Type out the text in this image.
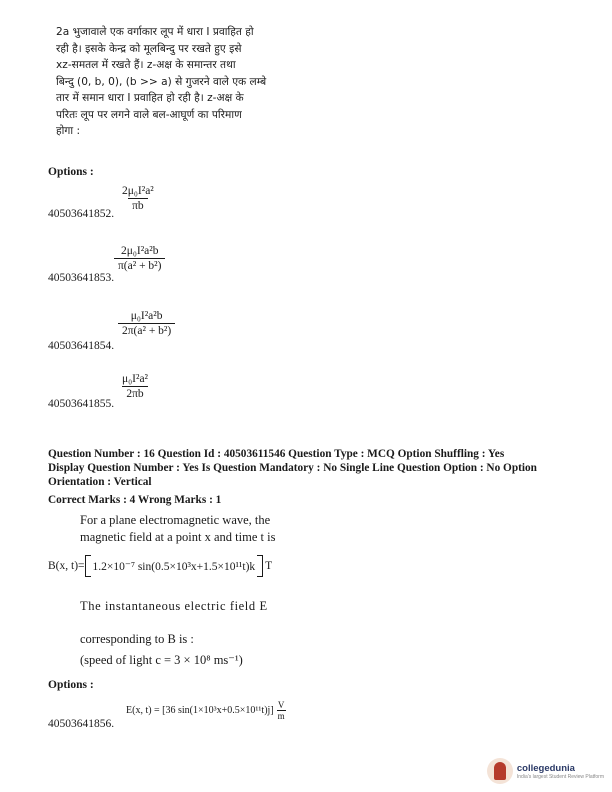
2a भुजावाले एक वर्गाकार लूप में धारा I प्रवाहित हो
रही है। इसके केन्द्र को मूलबिन्दु पर रखते हुए इसे
xz-समतल में रखते हैं। z-अक्ष के समान्तर तथा
बिन्दु (0, b, 0), (b >> a) से गुजरने वाले एक लम्बे
तार में समान धारा I प्रवाहित हो रही है। z-अक्ष के
परितः लूप पर लगने वाले बल-आघूर्ण का परिमाण
होगा :
Options :
$\frac{\text{2μ₀I²a²}}{\pi b}$
40503641852.
$\frac{\text{2μ₀I²a²b}}{\text{π(a² + b²)}}$
40503641853.
$\frac{\text{μ₀I²a²b}}{\text{2π(a² + b²)}}$
40503641854.
$\frac{\text{μ₀I²a²}}{2\pi b}$
40503641855.
Question Number : 16 Question Id : 40503611546 Question Type : MCQ Option Shuffling : Yes
Display Question Number : Yes Is Question Mandatory : No Single Line Question Option : No Option
Orientation : Vertical
Correct Marks : 4 Wrong Marks : 1
For a plane electromagnetic wave, the
magnetic field at a point x and time t is
B(x, t)= 1.2×10⁻⁷ sin(0.5×10³x+1.5×10¹¹t)k T
The instantaneous electric field E
corresponding to B is :
(speed of light c = 3 × 10⁸ ms⁻¹)
Options :
E(x, t) = [36 $\sin(1\times 10^3x+0.5\times 10^{11}t)j] \frac{V}{m}$
40503641856.
collegedunia
India's largest Student Review Platform
